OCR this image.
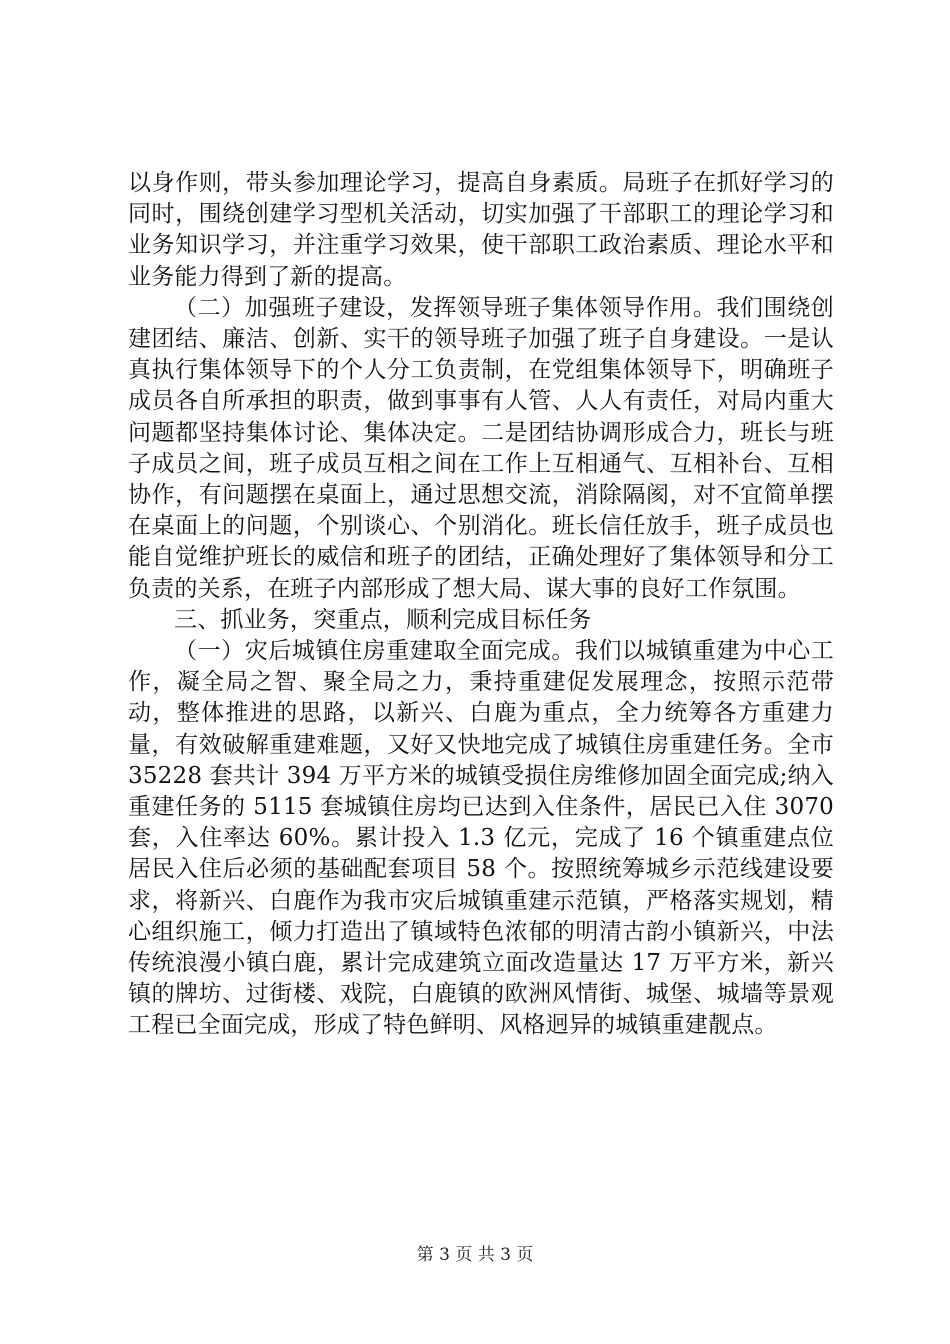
以身作则，带头参加理论学习，提高自身素质。局班子在抓好学习的同时，围绕创建学习型机关活动，切实加强了干部职工的理论学习和业务知识学习，并注重学习效果，使干部职工政治素质、理论水平和业务能力得到了新的提高。

（二）加强班子建设，发挥领导班子集体领导作用。我们围绕创建团结、廉洁、创新、实干的领导班子加强了班子自身建设。一是认真执行集体领导下的个人分工负责制，在党组集体领导下，明确班子成员各自所承担的职责，做到事事有人管、人人有责任，对局内重大问题都坚持集体讨论、集体决定。二是团结协调形成合力，班长与班子成员之间，班子成员互相之间在工作上互相通气、互相补台、互相协作，有问题摆在桌面上，通过思想交流，消除隔阂，对不宜简单摆在桌面上的问题，个别谈心、个别消化。班长信任放手，班子成员也能自觉维护班长的威信和班子的团结，正确处理好了集体领导和分工负责的关系，在班子内部形成了想大局、谋大事的良好工作氛围。

三、抓业务，突重点，顺利完成目标任务

（一）灾后城镇住房重建取全面完成。我们以城镇重建为中心工作，凝全局之智、聚全局之力，秉持重建促发展理念，按照示范带动，整体推进的思路，以新兴、白鹿为重点，全力统筹各方重建力量，有效破解重建难题，又好又快地完成了城镇住房重建任务。全市 35228 套共计 394 万平方米的城镇受损住房维修加固全面完成;纳入重建任务的 5115 套城镇住房均已达到入住条件，居民已入住 3070 套，入住率达 60%。累计投入 1.3 亿元，完成了 16 个镇重建点位居民入住后必须的基础配套项目 58 个。按照统筹城乡示范线建设要求，将新兴、白鹿作为我市灾后城镇重建示范镇，严格落实规划，精心组织施工，倾力打造出了镇域特色浓郁的明清古韵小镇新兴，中法传统浪漫小镇白鹿，累计完成建筑立面改造量达 17 万平方米，新兴镇的牌坊、过街楼、戏院，白鹿镇的欧洲风情街、城堡、城墙等景观工程已全面完成，形成了特色鲜明、风格迥异的城镇重建靓点。

第 3 页 共 3 页
